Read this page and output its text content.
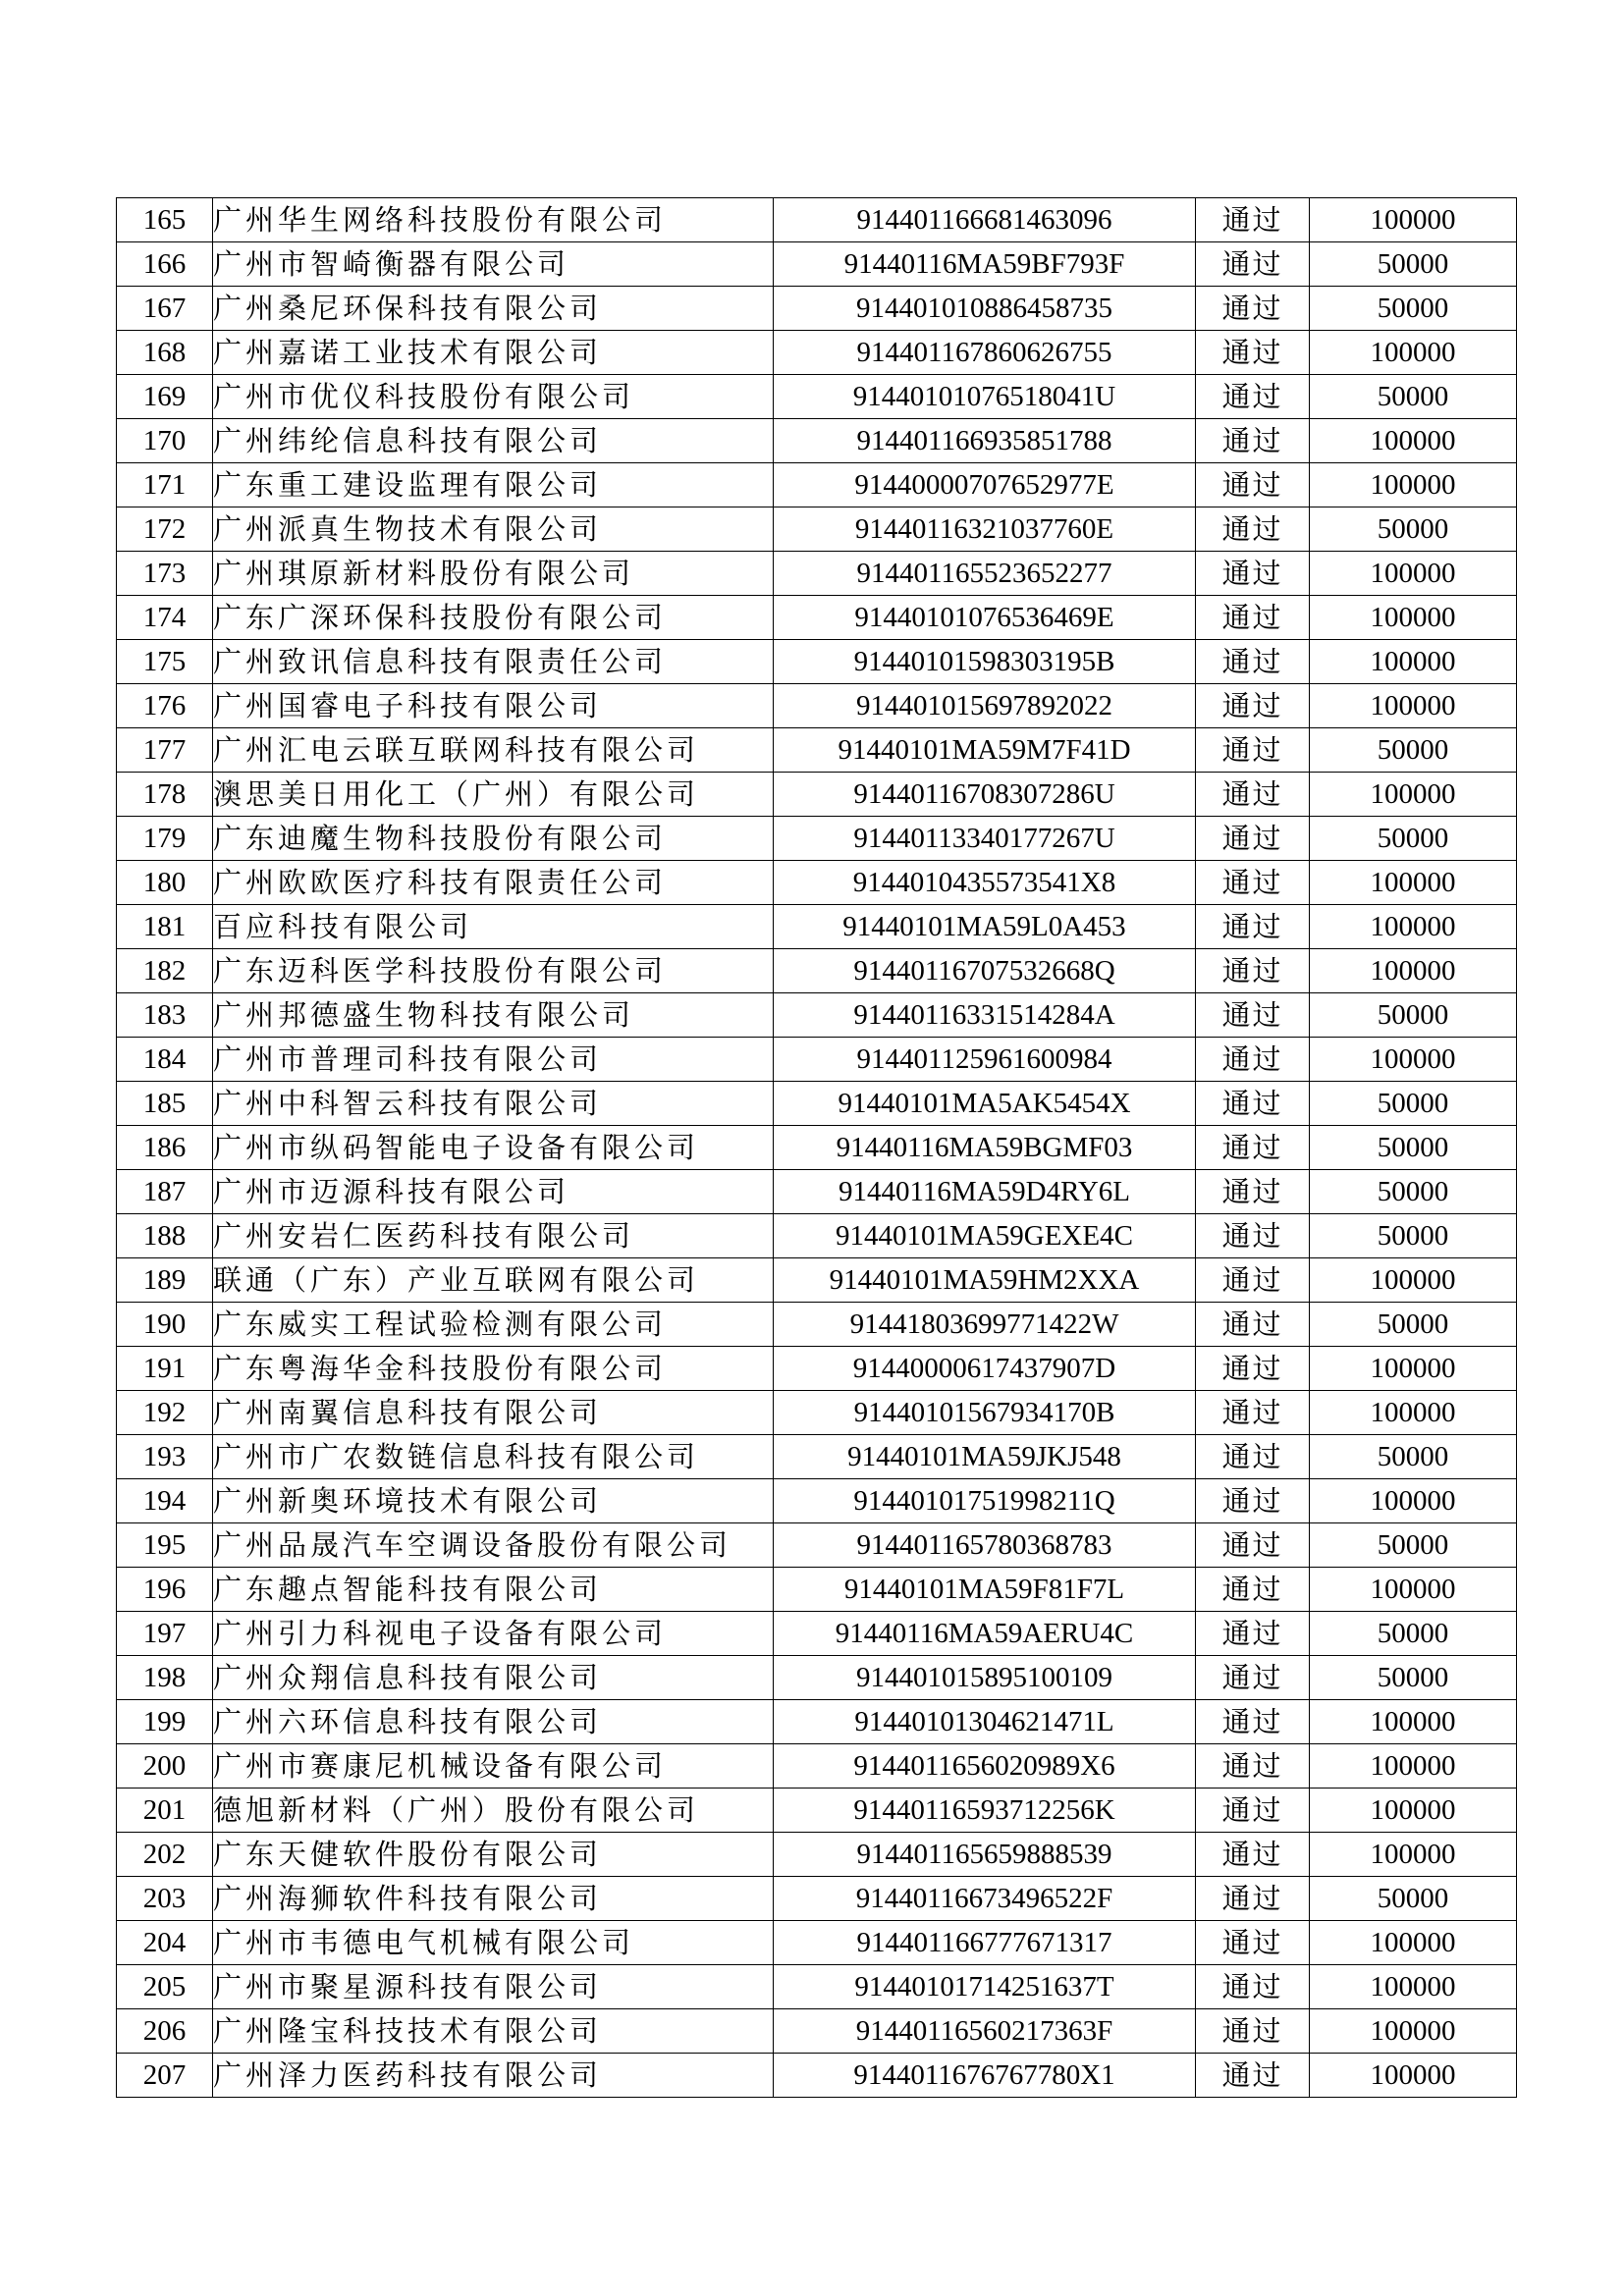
165	广州华生网络科技股份有限公司	914401166681463096	通过	100000
166	广州市智崎衡器有限公司	91440116MA59BF793F	通过	50000
167	广州桑尼环保科技有限公司	914401010886458735	通过	50000
168	广州嘉诺工业技术有限公司	914401167860626755	通过	100000
169	广州市优仪科技股份有限公司	91440101076518041U	通过	50000
170	广州纬纶信息科技有限公司	914401166935851788	通过	100000
171	广东重工建设监理有限公司	91440000707652977E	通过	100000
172	广州派真生物技术有限公司	91440116321037760E	通过	50000
173	广州琪原新材料股份有限公司	914401165523652277	通过	100000
174	广东广深环保科技股份有限公司	91440101076536469E	通过	100000
175	广州致讯信息科技有限责任公司	91440101598303195B	通过	100000
176	广州国睿电子科技有限公司	914401015697892022	通过	100000
177	广州汇电云联互联网科技有限公司	91440101MA59M7F41D	通过	50000
178	澳思美日用化工（广州）有限公司	91440116708307286U	通过	100000
179	广东迪魔生物科技股份有限公司	91440113340177267U	通过	50000
180	广州欧欧医疗科技有限责任公司	9144010435573541X8	通过	100000
181	百应科技有限公司	91440101MA59L0A453	通过	100000
182	广东迈科医学科技股份有限公司	91440116707532668Q	通过	100000
183	广州邦德盛生物科技有限公司	91440116331514284A	通过	50000
184	广州市普理司科技有限公司	914401125961600984	通过	100000
185	广州中科智云科技有限公司	91440101MA5AK5454X	通过	50000
186	广州市纵码智能电子设备有限公司	91440116MA59BGMF03	通过	50000
187	广州市迈源科技有限公司	91440116MA59D4RY6L	通过	50000
188	广州安岩仁医药科技有限公司	91440101MA59GEXE4C	通过	50000
189	联通（广东）产业互联网有限公司	91440101MA59HM2XXA	通过	100000
190	广东威实工程试验检测有限公司	91441803699771422W	通过	50000
191	广东粤海华金科技股份有限公司	91440000617437907D	通过	100000
192	广州南翼信息科技有限公司	91440101567934170B	通过	100000
193	广州市广农数链信息科技有限公司	91440101MA59JKJ548	通过	50000
194	广州新奥环境技术有限公司	91440101751998211Q	通过	100000
195	广州品晟汽车空调设备股份有限公司	914401165780368783	通过	50000
196	广东趣点智能科技有限公司	91440101MA59F81F7L	通过	100000
197	广州引力科视电子设备有限公司	91440116MA59AERU4C	通过	50000
198	广州众翔信息科技有限公司	914401015895100109	通过	50000
199	广州六环信息科技有限公司	91440101304621471L	通过	100000
200	广州市赛康尼机械设备有限公司	9144011656020989X6	通过	100000
201	德旭新材料（广州）股份有限公司	91440116593712256K	通过	100000
202	广东天健软件股份有限公司	914401165659888539	通过	100000
203	广州海狮软件科技有限公司	91440116673496522F	通过	50000
204	广州市韦德电气机械有限公司	914401166777671317	通过	100000
205	广州市聚星源科技有限公司	91440101714251637T	通过	100000
206	广州隆宝科技技术有限公司	91440116560217363F	通过	100000
207	广州泽力医药科技有限公司	9144011676767780X1	通过	100000
